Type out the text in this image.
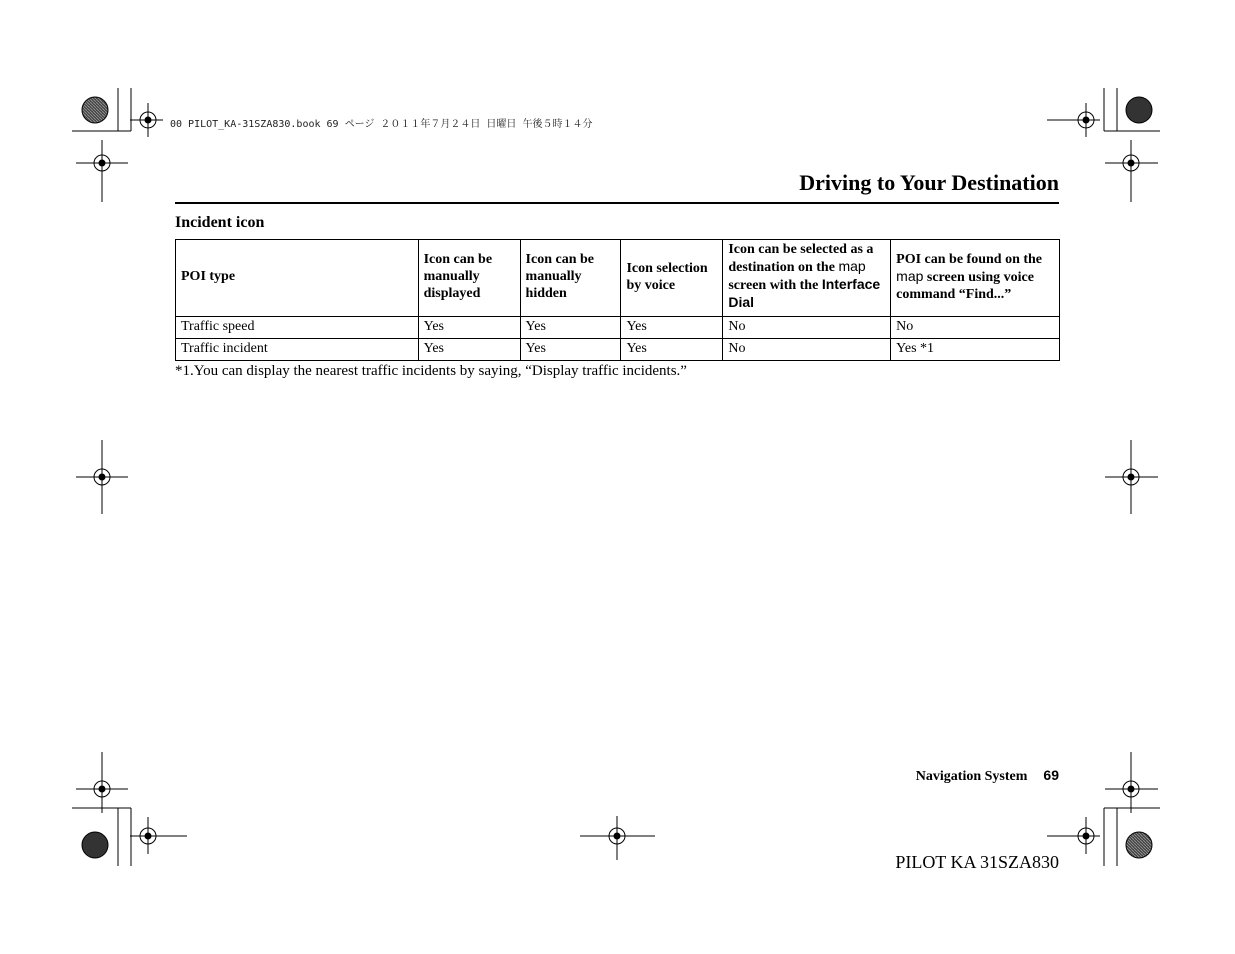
00 PILOT_KA-31SZA830.book 69 ページ ２０１１年７月２４日 日曜日 午後５時１４分
Driving to Your Destination
Incident icon
POI type	Icon can be manually displayed	Icon can be manually hidden	Icon selection by voice	Icon can be selected as a destination on the map screen with the Interface Dial	POI can be found on the map screen using voice command “Find...”
Traffic speed	Yes	Yes	Yes	No	No
Traffic incident	Yes	Yes	Yes	No	Yes *1
*1.You can display the nearest traffic incidents by saying, “Display traffic incidents.”
Navigation System 69
PILOT KA 31SZA830
